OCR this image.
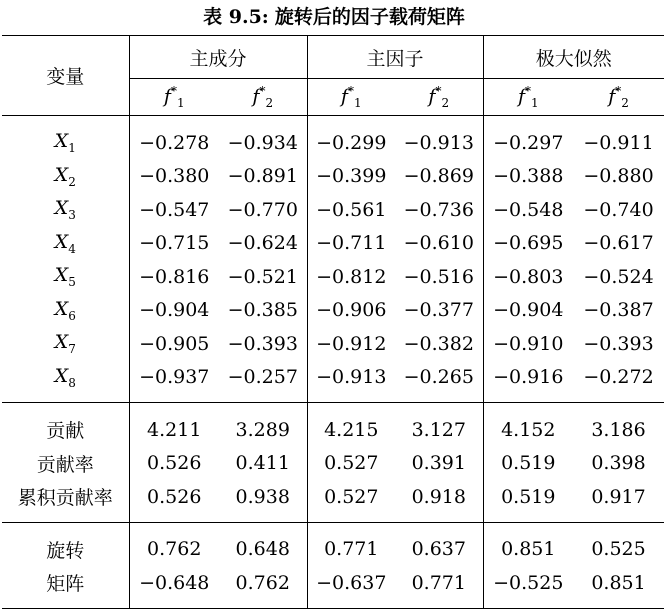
表 9.5: 旋转后的因子载荷矩阵
变量	主成分		主因子		极大似然	
	$f^*_1$	$f^*_2$	$f^*_1$	$f^*_2$	$f^*_1$	$f^*_2$
$X_1$	−0.278	−0.934	−0.299	−0.913	−0.297	−0.911
$X_2$	−0.380	−0.891	−0.399	−0.869	−0.388	−0.880
$X_3$	−0.547	−0.770	−0.561	−0.736	−0.548	−0.740
$X_4$	−0.715	−0.624	−0.711	−0.610	−0.695	−0.617
$X_5$	−0.816	−0.521	−0.812	−0.516	−0.803	−0.524
$X_6$	−0.904	−0.385	−0.906	−0.377	−0.904	−0.387
$X_7$	−0.905	−0.393	−0.912	−0.382	−0.910	−0.393
$X_8$	−0.937	−0.257	−0.913	−0.265	−0.916	−0.272
贡献	4.211	3.289	4.215	3.127	4.152	3.186
贡献率	0.526	0.411	0.527	0.391	0.519	0.398
累积贡献率	0.526	0.938	0.527	0.918	0.519	0.917
旋转	0.762	0.648	0.771	0.637	0.851	0.525
矩阵	−0.648	0.762	−0.637	0.771	−0.525	0.851
